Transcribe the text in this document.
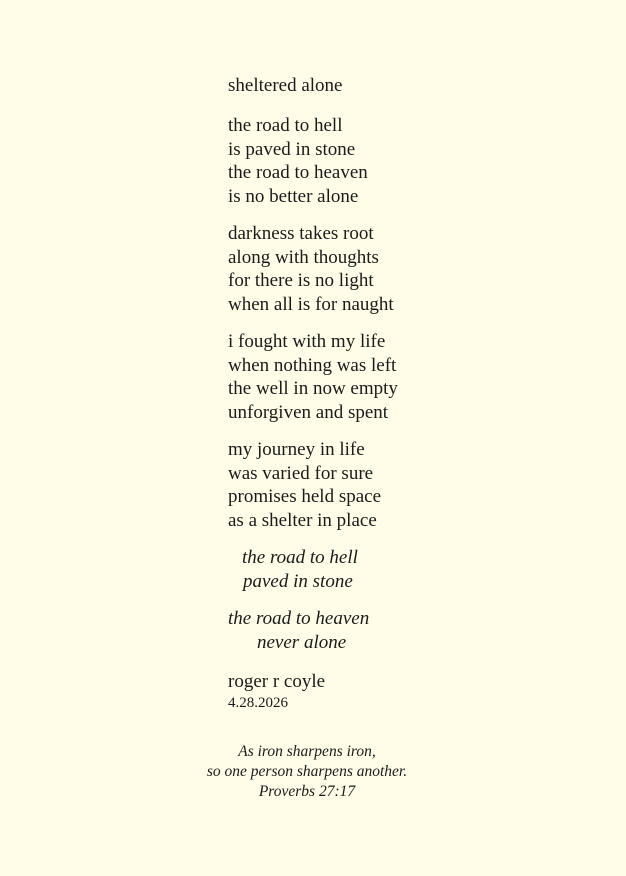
sheltered alone
the road to hell
is paved in stone
the road to heaven
is no better alone
darkness takes root
along with thoughts
for there is no light
when all is for naught
i fought with my life
when nothing was left
the well in now empty
unforgiven and spent
my journey in life
was varied for sure
promises held space
as a shelter in place
the road to hell
paved in stone
the road to heaven
never alone
roger r coyle
4.28.2026
As iron sharpens iron,
so one person sharpens another.
Proverbs 27:17
